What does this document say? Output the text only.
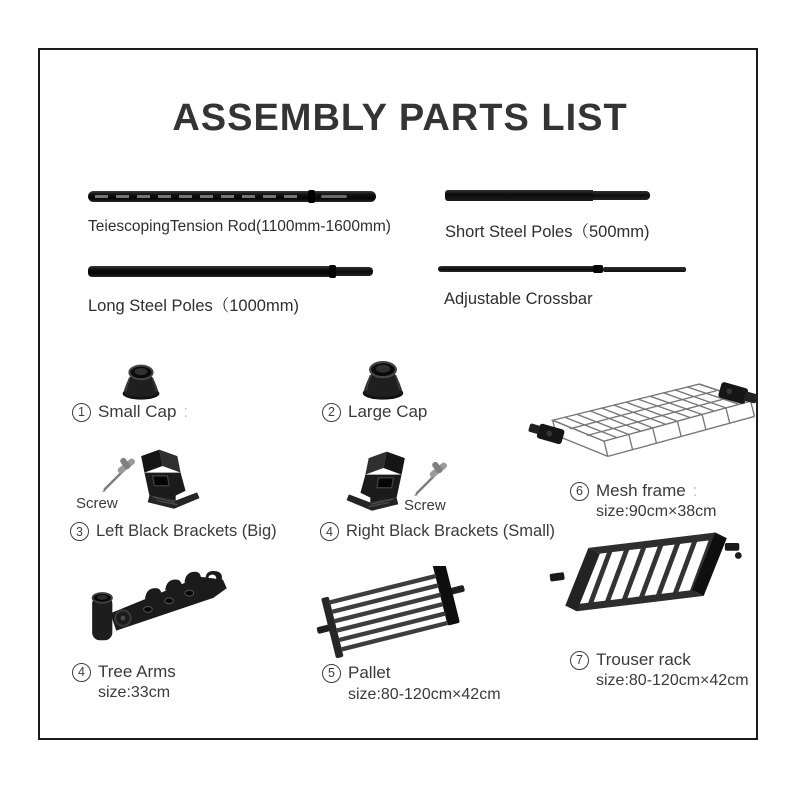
ASSEMBLY PARTS LIST
TeiescopingTension Rod(1100mm-1600mm)	Short Steel Poles（500mm)
Long Steel Poles（1000mm)	Adjustable Crossbar
1 Small Cap :	2 Large Cap
6 Mesh frame :
size:90cm×38cm
Screw
3 Left Black Brackets (Big)
Screw
4 Right Black Brackets (Small)
4 Tree Arms
size:33cm
5 Pallet
size:80-120cm×42cm
7 Trouser rack
size:80-120cm×42cm
